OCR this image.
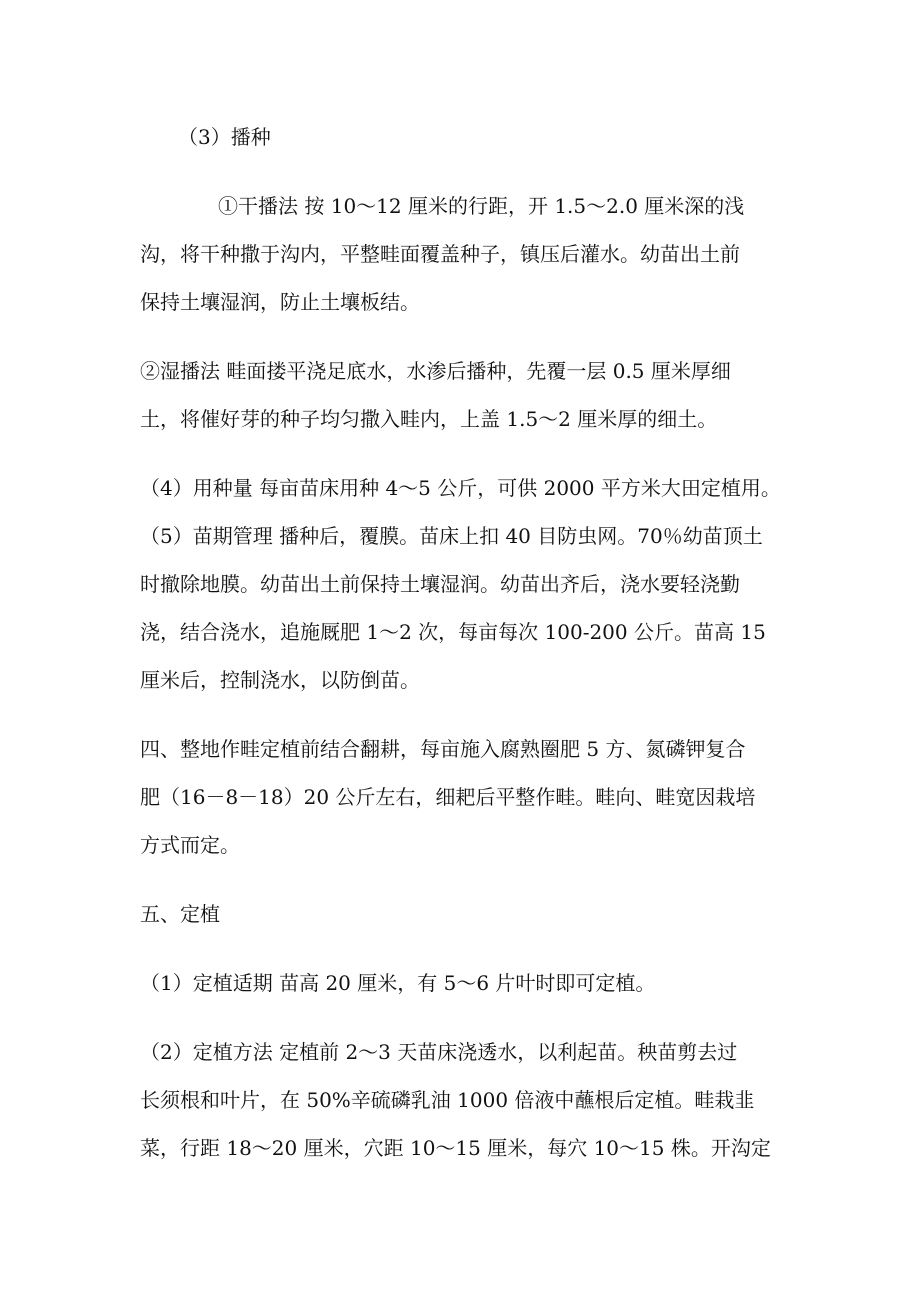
（3）播种
①干播法 按 10～12 厘米的行距，开 1.5～2.0 厘米深的浅
沟，将干种撒于沟内，平整畦面覆盖种子，镇压后灌水。幼苗出土前
保持土壤湿润，防止土壤板结。
②湿播法 畦面搂平浇足底水，水渗后播种，先覆一层 0.5 厘米厚细
土，将催好芽的种子均匀撒入畦内，上盖 1.5～2 厘米厚的细土。
（4）用种量 每亩苗床用种 4～5 公斤，可供 2000 平方米大田定植用。
（5）苗期管理 播种后，覆膜。苗床上扣 40 目防虫网。70％幼苗顶土
时撤除地膜。幼苗出土前保持土壤湿润。幼苗出齐后，浇水要轻浇勤
浇，结合浇水，追施厩肥 1～2 次，每亩每次 100-200 公斤。苗高 15
厘米后，控制浇水，以防倒苗。
四、整地作畦定植前结合翻耕，每亩施入腐熟圈肥 5 方、氮磷钾复合
肥（16－8－18）20 公斤左右，细耙后平整作畦。畦向、畦宽因栽培
方式而定。
五、定植
（1）定植适期 苗高 20 厘米，有 5～6 片叶时即可定植。
（2）定植方法 定植前 2～3 天苗床浇透水，以利起苗。秧苗剪去过
长须根和叶片，在 50%辛硫磷乳油 1000 倍液中蘸根后定植。畦栽韭
菜，行距 18～20 厘米，穴距 10～15 厘米，每穴 10～15 株。开沟定
